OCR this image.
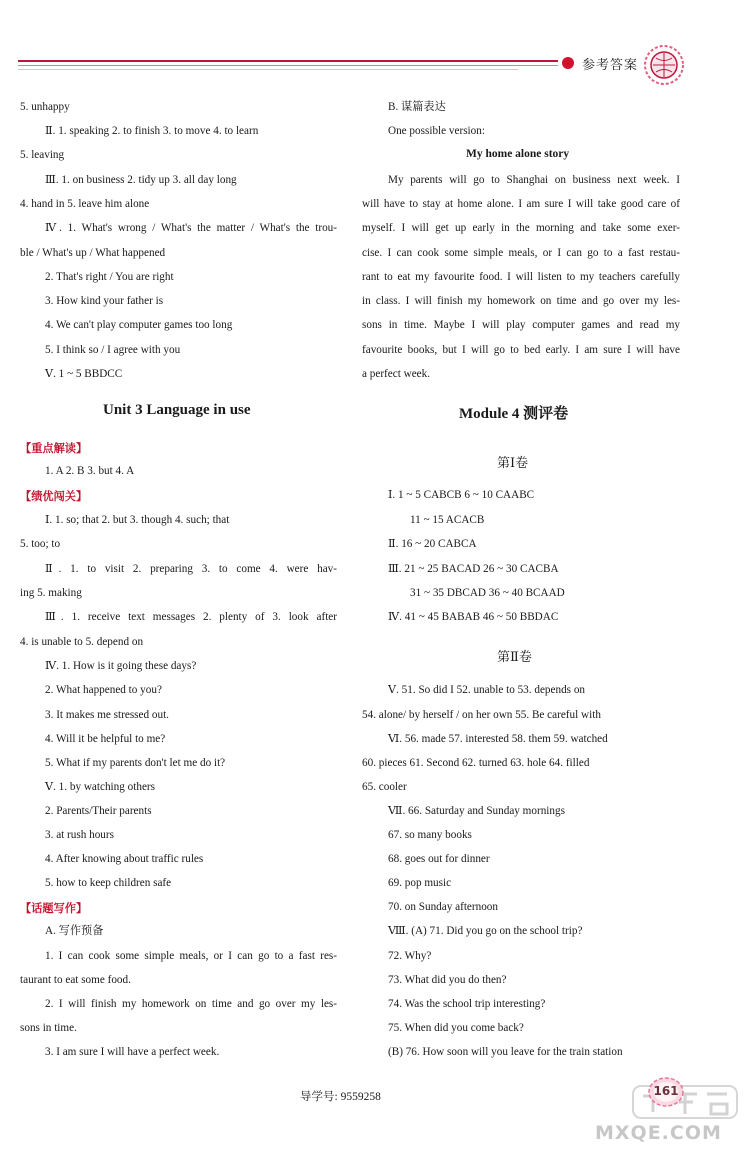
参考答案
5. unhappy
Ⅱ. 1. speaking 2. to finish 3. to move 4. to learn
5. leaving
Ⅲ. 1. on business 2. tidy up 3. all day long
4. hand in 5. leave him alone
Ⅳ. 1. What's wrong / What's the matter / What's the trou-
ble / What's up / What happened
2. That's right / You are right
3. How kind your father is
4. We can't play computer games too long
5. I think so / I agree with you
Ⅴ. 1 ~ 5 BBDCC
Unit 3 Language in use
【重点解读】
1. A 2. B 3. but 4. A
【绩优闯关】
Ⅰ. 1. so; that 2. but 3. though 4. such; that
5. too; to
Ⅱ. 1. to visit 2. preparing 3. to come 4. were hav-
ing 5. making
Ⅲ. 1. receive text messages 2. plenty of 3. look after
4. is unable to 5. depend on
Ⅳ. 1. How is it going these days?
2. What happened to you?
3. It makes me stressed out.
4. Will it be helpful to me?
5. What if my parents don't let me do it?
Ⅴ. 1. by watching others
2. Parents/Their parents
3. at rush hours
4. After knowing about traffic rules
5. how to keep children safe
【话题写作】
A. 写作预备
1. I can cook some simple meals, or I can go to a fast res-
taurant to eat some food.
2. I will finish my homework on time and go over my les-
sons in time.
3. I am sure I will have a perfect week.
B. 谋篇表达
One possible version:
My home alone story
My parents will go to Shanghai on business next week. I
will have to stay at home alone. I am sure I will take good care of
myself. I will get up early in the morning and take some exer-
cise. I can cook some simple meals, or I can go to a fast restau-
rant to eat my favourite food. I will listen to my teachers carefully
in class. I will finish my homework on time and go over my les-
sons in time. Maybe I will play computer games and read my
favourite books, but I will go to bed early. I am sure I will have
a perfect week.
Module 4 测评卷
第Ⅰ卷
Ⅰ. 1 ~ 5 CABCB 6 ~ 10 CAABC
11 ~ 15 ACACB
Ⅱ. 16 ~ 20 CABCA
Ⅲ. 21 ~ 25 BACAD 26 ~ 30 CACBA
31 ~ 35 DBCAD 36 ~ 40 BCAAD
Ⅳ. 41 ~ 45 BABAB 46 ~ 50 BBDAC
第Ⅱ卷
Ⅴ. 51. So did I 52. unable to 53. depends on
54. alone/ by herself / on her own 55. Be careful with
Ⅵ. 56. made 57. interested 58. them 59. watched
60. pieces 61. Second 62. turned 63. hole 64. filled
65. cooler
Ⅶ. 66. Saturday and Sunday mornings
67. so many books
68. goes out for dinner
69. pop music
70. on Sunday afternoon
Ⅷ. (A) 71. Did you go on the school trip?
72. Why?
73. What did you do then?
74. Was the school trip interesting?
75. When did you come back?
(B) 76. How soon will you leave for the train station
导学号: 9559258
MXQE.COM
161
